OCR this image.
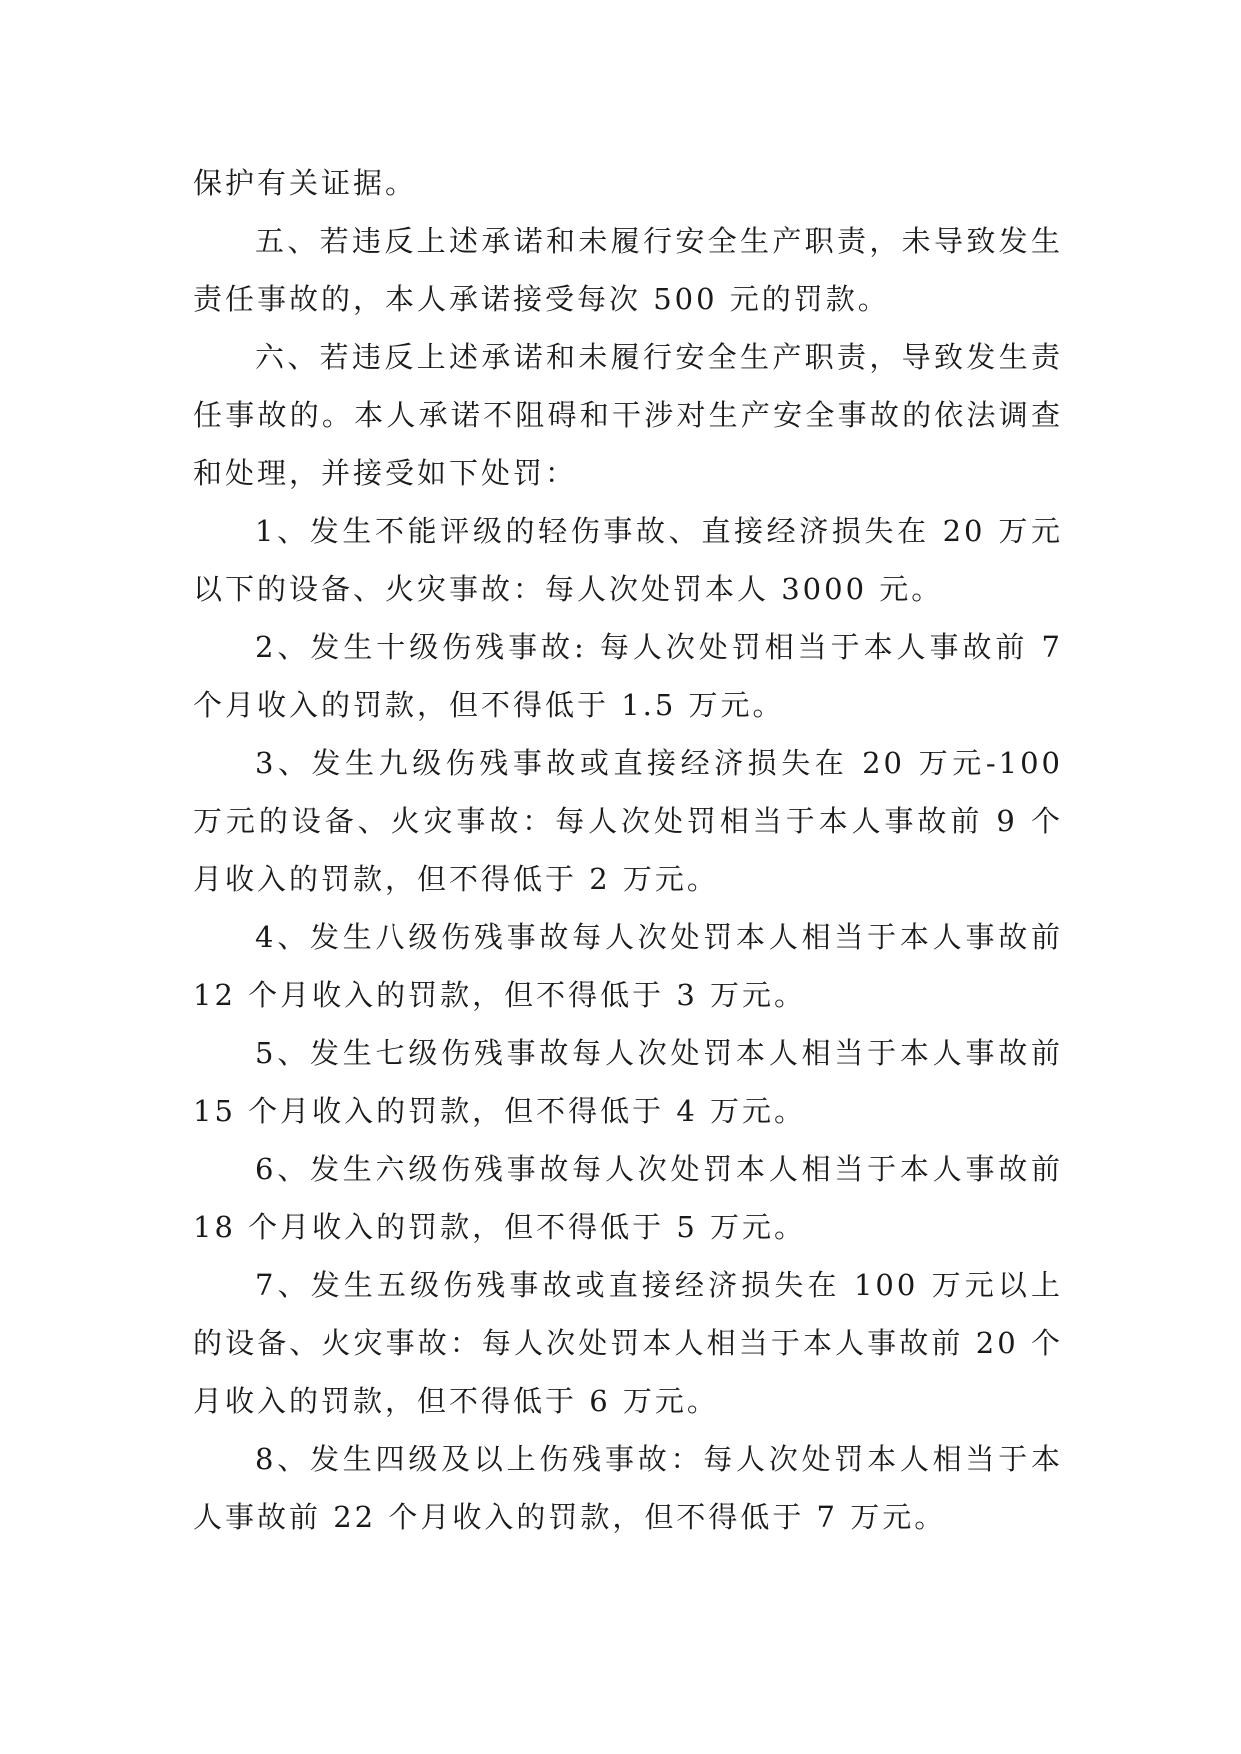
保护有关证据。

五、若违反上述承诺和未履行安全生产职责，未导致发生责任事故的，本人承诺接受每次 500 元的罚款。

六、若违反上述承诺和未履行安全生产职责，导致发生责任事故的。本人承诺不阻碍和干涉对生产安全事故的依法调查和处理，并接受如下处罚：

1、发生不能评级的轻伤事故、直接经济损失在 20 万元以下的设备、火灾事故：每人次处罚本人 3000 元。

2、发生十级伤残事故: 每人次处罚相当于本人事故前 7 个月收入的罚款，但不得低于 1.5 万元。

3、发生九级伤残事故或直接经济损失在 20 万元-100 万元的设备、火灾事故：每人次处罚相当于本人事故前 9 个月收入的罚款，但不得低于 2 万元。

4、发生八级伤残事故每人次处罚本人相当于本人事故前 12 个月收入的罚款，但不得低于 3 万元。

5、发生七级伤残事故每人次处罚本人相当于本人事故前 15 个月收入的罚款，但不得低于 4 万元。

6、发生六级伤残事故每人次处罚本人相当于本人事故前 18 个月收入的罚款，但不得低于 5 万元。

7、发生五级伤残事故或直接经济损失在 100 万元以上的设备、火灾事故：每人次处罚本人相当于本人事故前 20 个月收入的罚款，但不得低于 6 万元。

8、发生四级及以上伤残事故：每人次处罚本人相当于本人事故前 22 个月收入的罚款，但不得低于 7 万元。
